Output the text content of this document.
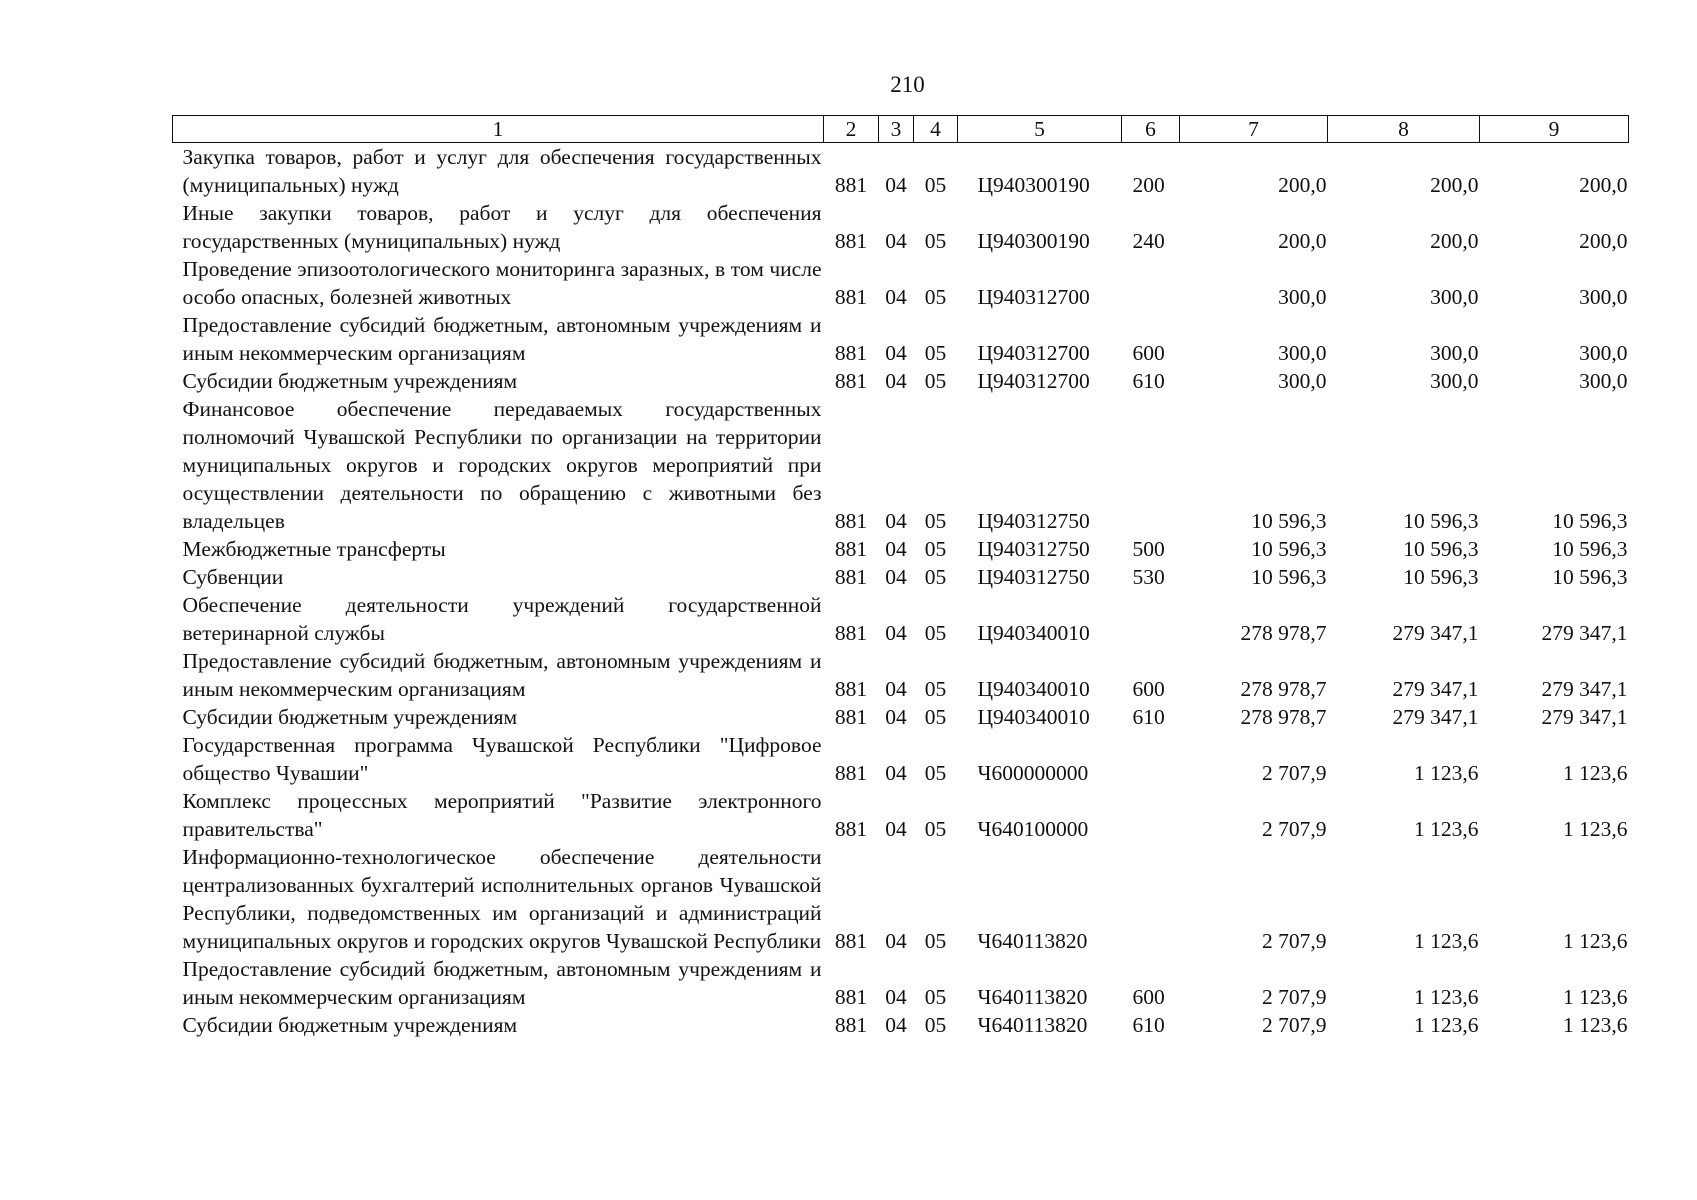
210
1	2	3	4	5	6	7	8	9
Закупка товаров, работ и услуг для обеспечения государственных (муниципальных) нужд	881	04	05	Ц940300190	200	200,0	200,0	200,0
Иные закупки товаров, работ и услуг для обеспечения государственных (муниципальных) нужд	881	04	05	Ц940300190	240	200,0	200,0	200,0
Проведение эпизоотологического мониторинга заразных, в том числе особо опасных, болезней животных	881	04	05	Ц940312700		300,0	300,0	300,0
Предоставление субсидий бюджетным, автономным учреждениям и иным некоммерческим организациям	881	04	05	Ц940312700	600	300,0	300,0	300,0
Субсидии бюджетным учреждениям	881	04	05	Ц940312700	610	300,0	300,0	300,0
Финансовое обеспечение передаваемых государственных полномочий Чувашской Республики по организации на территории муниципальных округов и городских округов мероприятий при осуществлении деятельности по обращению с животными без владельцев	881	04	05	Ц940312750		10 596,3	10 596,3	10 596,3
Межбюджетные трансферты	881	04	05	Ц940312750	500	10 596,3	10 596,3	10 596,3
Субвенции	881	04	05	Ц940312750	530	10 596,3	10 596,3	10 596,3
Обеспечение деятельности учреждений государственной ветеринарной службы	881	04	05	Ц940340010		278 978,7	279 347,1	279 347,1
Предоставление субсидий бюджетным, автономным учреждениям и иным некоммерческим организациям	881	04	05	Ц940340010	600	278 978,7	279 347,1	279 347,1
Субсидии бюджетным учреждениям	881	04	05	Ц940340010	610	278 978,7	279 347,1	279 347,1
Государственная программа Чувашской Республики "Цифровое общество Чувашии"	881	04	05	Ч600000000		2 707,9	1 123,6	1 123,6
Комплекс процессных мероприятий "Развитие электронного правительства"	881	04	05	Ч640100000		2 707,9	1 123,6	1 123,6
Информационно-технологическое обеспечение деятельности централизованных бухгалтерий исполнительных органов Чувашской Республики, подведомственных им организаций и администраций муниципальных округов и городских округов Чувашской Республики	881	04	05	Ч640113820		2 707,9	1 123,6	1 123,6
Предоставление субсидий бюджетным, автономным учреждениям и иным некоммерческим организациям	881	04	05	Ч640113820	600	2 707,9	1 123,6	1 123,6
Субсидии бюджетным учреждениям	881	04	05	Ч640113820	610	2 707,9	1 123,6	1 123,6
